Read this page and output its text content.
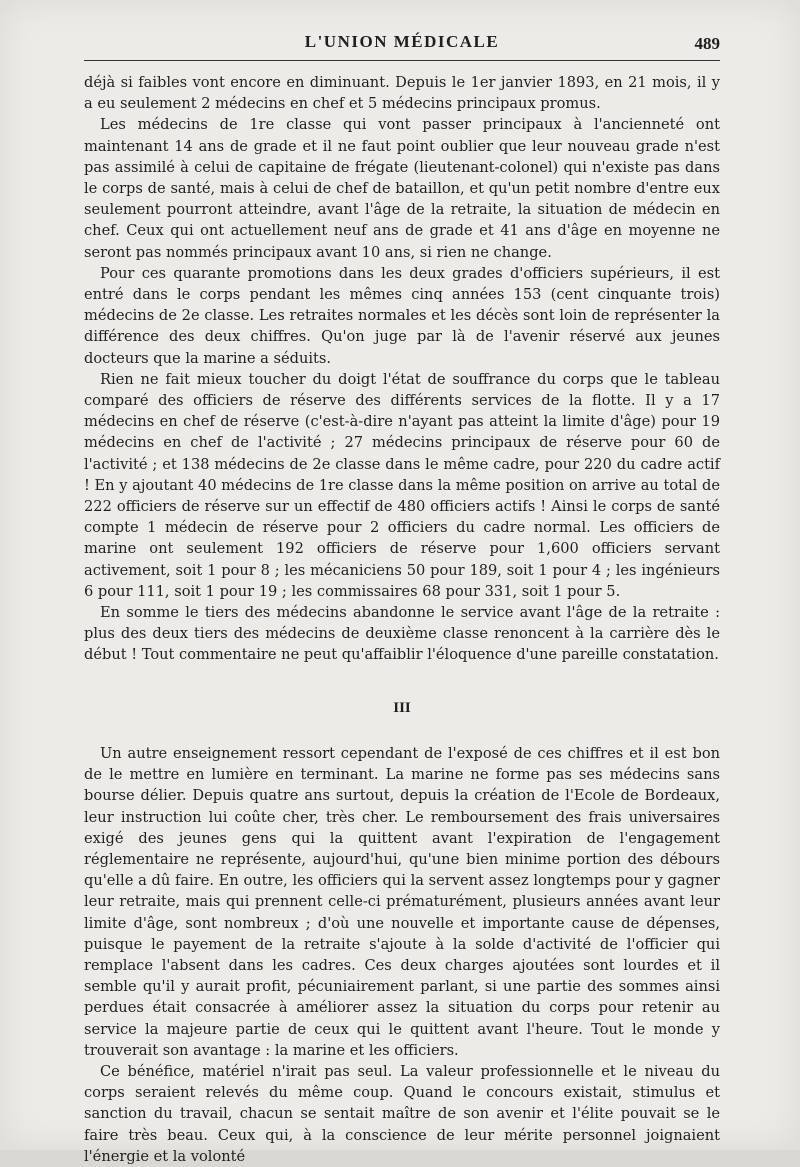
L'UNION MÉDICALE	489

déjà si faibles vont encore en diminuant. Depuis le 1er janvier 1893, en 21 mois, il y a eu seulement 2 médecins en chef et 5 médecins principaux promus.

Les médecins de 1re classe qui vont passer principaux à l'ancienneté ont maintenant 14 ans de grade et il ne faut point oublier que leur nouveau grade n'est pas assimilé à celui de capitaine de frégate (lieutenant-colonel) qui n'existe pas dans le corps de santé, mais à celui de chef de bataillon, et qu'un petit nombre d'entre eux seulement pourront atteindre, avant l'âge de la retraite, la situation de médecin en chef. Ceux qui ont actuellement neuf ans de grade et 41 ans d'âge en moyenne ne seront pas nommés principaux avant 10 ans, si rien ne change.

Pour ces quarante promotions dans les deux grades d'officiers supérieurs, il est entré dans le corps pendant les mêmes cinq années 153 (cent cinquante trois) médecins de 2e classe. Les retraites normales et les décès sont loin de représenter la différence des deux chiffres. Qu'on juge par là de l'avenir réservé aux jeunes docteurs que la marine a séduits.

Rien ne fait mieux toucher du doigt l'état de souffrance du corps que le tableau comparé des officiers de réserve des différents services de la flotte. Il y a 17 médecins en chef de réserve (c'est-à-dire n'ayant pas atteint la limite d'âge) pour 19 médecins en chef de l'activité ; 27 médecins principaux de réserve pour 60 de l'activité ; et 138 médecins de 2e classe dans le même cadre, pour 220 du cadre actif ! En y ajoutant 40 médecins de 1re classe dans la même position on arrive au total de 222 officiers de réserve sur un effectif de 480 officiers actifs ! Ainsi le corps de santé compte 1 médecin de réserve pour 2 officiers du cadre normal. Les officiers de marine ont seulement 192 officiers de réserve pour 1,600 officiers servant activement, soit 1 pour 8 ; les mécaniciens 50 pour 189, soit 1 pour 4 ; les ingénieurs 6 pour 111, soit 1 pour 19 ; les commissaires 68 pour 331, soit 1 pour 5.

En somme le tiers des médecins abandonne le service avant l'âge de la retraite : plus des deux tiers des médecins de deuxième classe renoncent à la carrière dès le début ! Tout commentaire ne peut qu'affaiblir l'éloquence d'une pareille constatation.

III

Un autre enseignement ressort cependant de l'exposé de ces chiffres et il est bon de le mettre en lumière en terminant. La marine ne forme pas ses médecins sans bourse délier. Depuis quatre ans surtout, depuis la création de l'Ecole de Bordeaux, leur instruction lui coûte cher, très cher. Le remboursement des frais universaires exigé des jeunes gens qui la quittent avant l'expiration de l'engagement réglementaire ne représente, aujourd'hui, qu'une bien minime portion des débours qu'elle a dû faire. En outre, les officiers qui la servent assez longtemps pour y gagner leur retraite, mais qui prennent celle-ci prématurément, plusieurs années avant leur limite d'âge, sont nombreux ; d'où une nouvelle et importante cause de dépenses, puisque le payement de la retraite s'ajoute à la solde d'activité de l'officier qui remplace l'absent dans les cadres. Ces deux charges ajoutées sont lourdes et il semble qu'il y aurait profit, pécuniairement parlant, si une partie des sommes ainsi perdues était consacrée à améliorer assez la situation du corps pour retenir au service la majeure partie de ceux qui le quittent avant l'heure. Tout le monde y trouverait son avantage : la marine et les officiers.

Ce bénéfice, matériel n'irait pas seul. La valeur professionnelle et le niveau du corps seraient relevés du même coup. Quand le concours existait, stimulus et sanction du travail, chacun se sentait maître de son avenir et l'élite pouvait se le faire très beau. Ceux qui, à la conscience de leur mérite personnel joignaient l'énergie et la volonté
